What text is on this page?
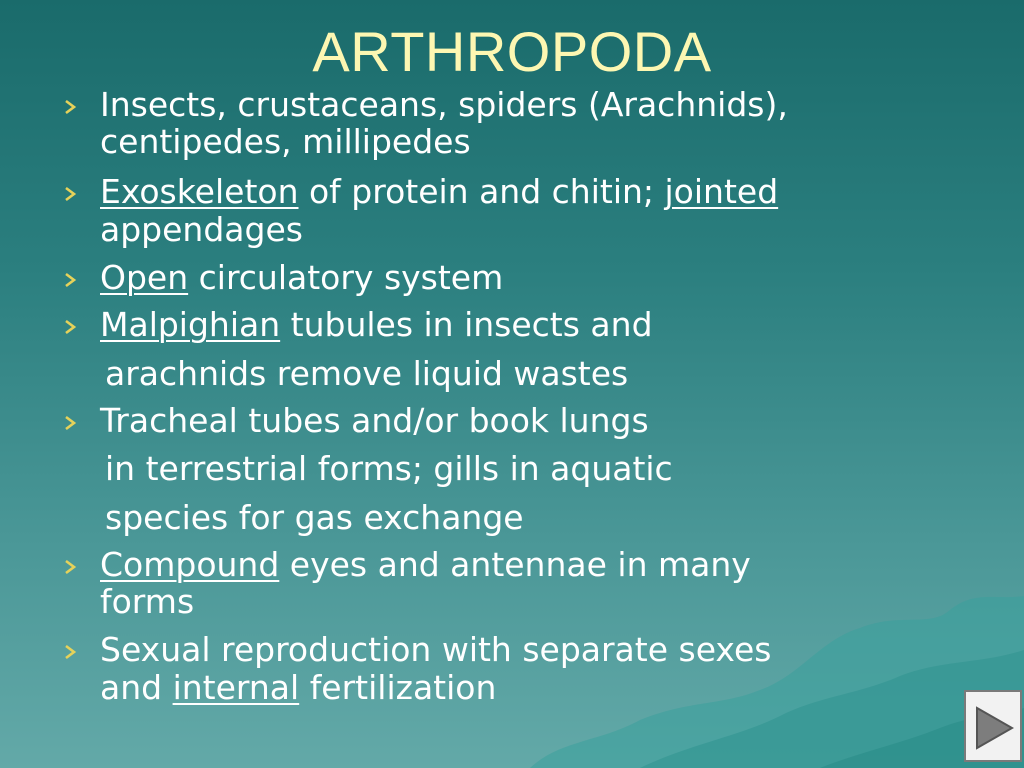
ARTHROPODA
Insects, crustaceans, spiders (Arachnids),
centipedes, millipedes
Exoskeleton of protein and chitin; jointed
appendages
Open circulatory system
Malpighian tubules in insects and
arachnids remove liquid wastes
Tracheal tubes and/or book lungs
in terrestrial forms; gills in aquatic
species for gas exchange
Compound eyes and antennae in many
forms
Sexual reproduction with separate sexes
and internal fertilization
